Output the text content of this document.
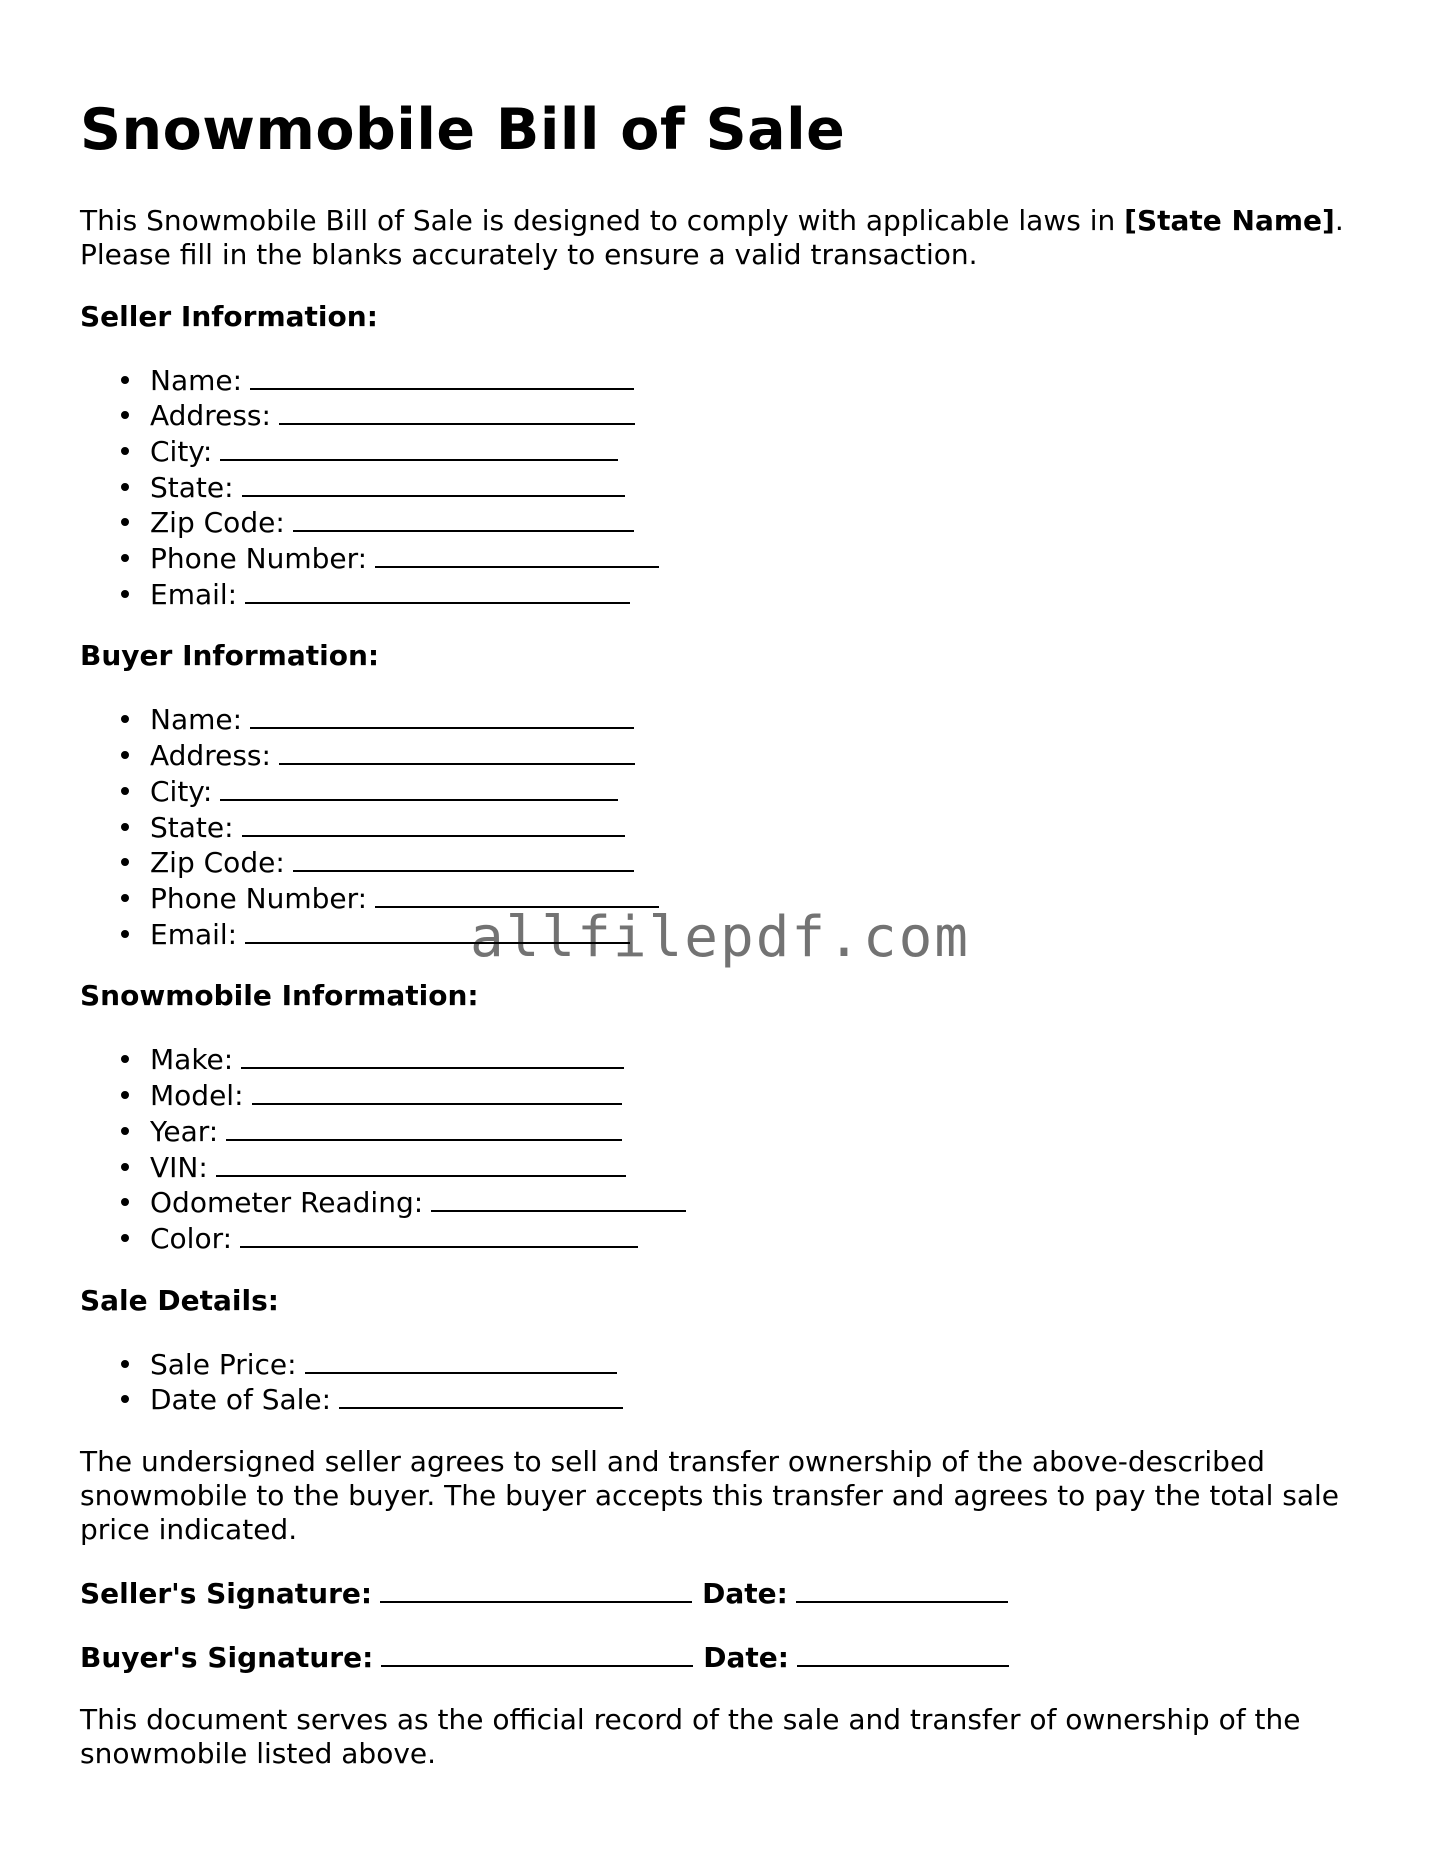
Snowmobile Bill of Sale

This Snowmobile Bill of Sale is designed to comply with applicable laws in [State Name].
Please fill in the blanks accurately to ensure a valid transaction.

Seller Information:
Name:
Address:
City:
State:
Zip Code:
Phone Number:
Email:
Buyer Information:
Name:
Address:
City:
State:
Zip Code:
Phone Number:
Email:
Snowmobile Information:
Make:
Model:
Year:
VIN:
Odometer Reading:
Color:
Sale Details:
Sale Price:
Date of Sale:

The undersigned seller agrees to sell and transfer ownership of the above-described snowmobile to the buyer. The buyer accepts this transfer and agrees to pay the total sale price indicated.

Seller's Signature:	Date:
Buyer's Signature:	Date:

This document serves as the official record of the sale and transfer of ownership of the snowmobile listed above.

allfilepdf.com
